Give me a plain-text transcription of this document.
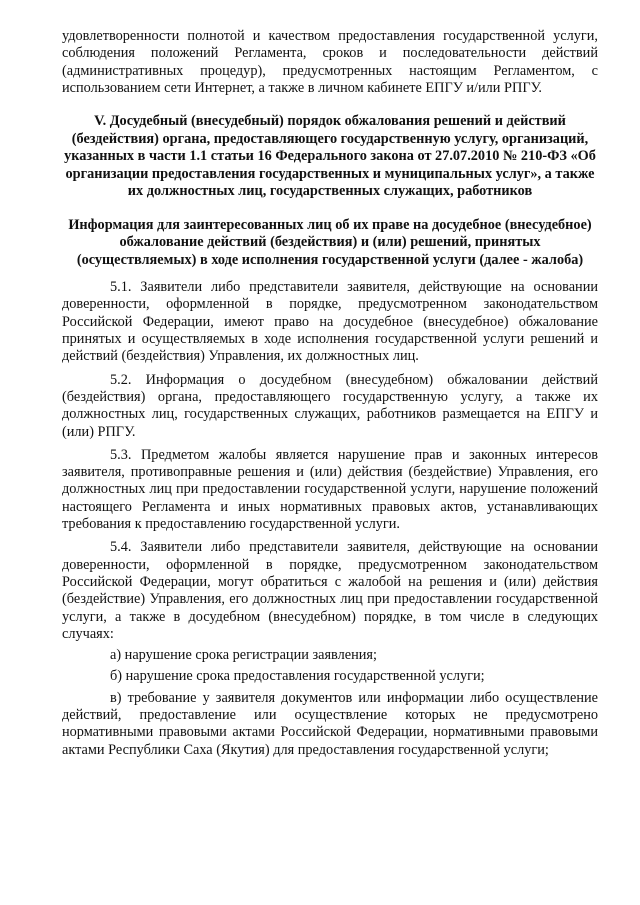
удовлетворенности полнотой и качеством предоставления государственной услуги, соблюдения положений Регламента, сроков и последовательности действий (административных процедур), предусмотренных настоящим Регламентом, с использованием сети Интернет, а также в личном кабинете ЕПГУ и/или РПГУ.

V. Досудебный (внесудебный) порядок обжалования решений и действий (бездействия) органа, предоставляющего государственную услугу, организаций, указанных в части 1.1 статьи 16 Федерального закона от 27.07.2010 № 210-ФЗ «Об организации предоставления государственных и муниципальных услуг», а также их должностных лиц, государственных служащих, работников

Информация для заинтересованных лиц об их праве на досудебное (внесудебное) обжалование действий (бездействия) и (или) решений, принятых (осуществляемых) в ходе исполнения государственной услуги (далее - жалоба)

5.1. Заявители либо представители заявителя, действующие на основании доверенности, оформленной в порядке, предусмотренном законодательством Российской Федерации, имеют право на досудебное (внесудебное) обжалование принятых и осуществляемых в ходе исполнения государственной услуги решений и действий (бездействия) Управления, их должностных лиц.

5.2. Информация о досудебном (внесудебном) обжаловании действий (бездействия) органа, предоставляющего государственную услугу, а также их должностных лиц, государственных служащих, работников размещается на ЕПГУ и (или) РПГУ.

5.3. Предметом жалобы является нарушение прав и законных интересов заявителя, противоправные решения и (или) действия (бездействие) Управления, его должностных лиц при предоставлении государственной услуги, нарушение положений настоящего Регламента и иных нормативных правовых актов, устанавливающих требования к предоставлению государственной услуги.

5.4. Заявители либо представители заявителя, действующие на основании доверенности, оформленной в порядке, предусмотренном законодательством Российской Федерации, могут обратиться с жалобой на решения и (или) действия (бездействие) Управления, его должностных лиц при предоставлении государственной услуги, а также в досудебном (внесудебном) порядке, в том числе в следующих случаях:

а) нарушение срока регистрации заявления;

б) нарушение срока предоставления государственной услуги;

в) требование у заявителя документов или информации либо осуществление действий, предоставление или осуществление которых не предусмотрено нормативными правовыми актами Российской Федерации, нормативными правовыми актами Республики Саха (Якутия) для предоставления государственной услуги;
